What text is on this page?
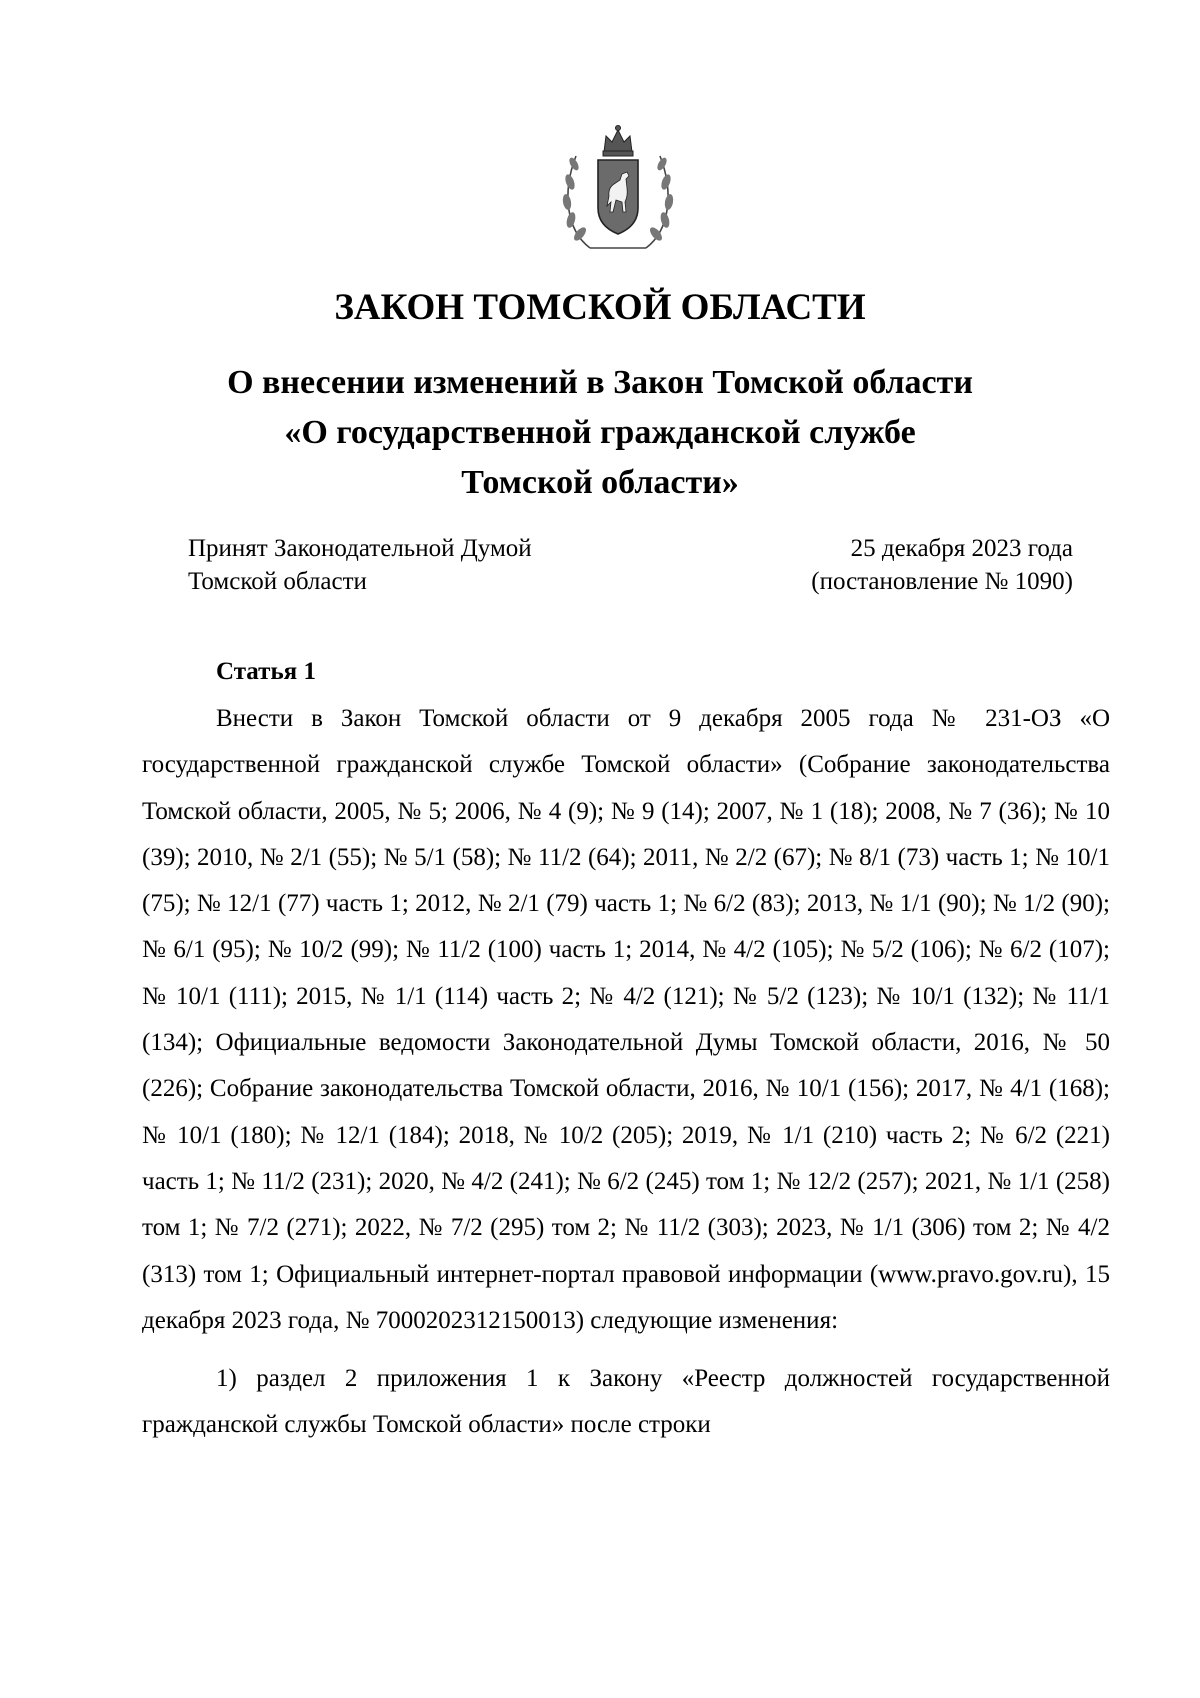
ЗАКОН ТОМСКОЙ ОБЛАСТИ
О внесении изменений в Закон Томской области
«О государственной гражданской службе
Томской области»
Принят Законодательной Думой
Томской области
25 декабря 2023 года
(постановление № 1090)
Статья 1

Внести в Закон Томской области от 9 декабря 2005 года № 231-ОЗ «О государственной гражданской службе Томской области» (Собрание законодательства Томской области, 2005, № 5; 2006, № 4 (9); № 9 (14); 2007, № 1 (18); 2008, № 7 (36); № 10 (39); 2010, № 2/1 (55); № 5/1 (58); № 11/2 (64); 2011, № 2/2 (67); № 8/1 (73) часть 1; № 10/1 (75); № 12/1 (77) часть 1; 2012, № 2/1 (79) часть 1; № 6/2 (83); 2013, № 1/1 (90); № 1/2 (90); № 6/1 (95); № 10/2 (99); № 11/2 (100) часть 1; 2014, № 4/2 (105); № 5/2 (106); № 6/2 (107); № 10/1 (111); 2015, № 1/1 (114) часть 2; № 4/2 (121); № 5/2 (123); № 10/1 (132); № 11/1 (134); Официальные ведомости Законодательной Думы Томской области, 2016, № 50 (226); Собрание законодательства Томской области, 2016, № 10/1 (156); 2017, № 4/1 (168); № 10/1 (180); № 12/1 (184); 2018, № 10/2 (205); 2019, № 1/1 (210) часть 2; № 6/2 (221) часть 1; № 11/2 (231); 2020, № 4/2 (241); № 6/2 (245) том 1; № 12/2 (257); 2021, № 1/1 (258) том 1; № 7/2 (271); 2022, № 7/2 (295) том 2; № 11/2 (303); 2023, № 1/1 (306) том 2; № 4/2 (313) том 1; Официальный интернет-портал правовой информации (www.pravo.gov.ru), 15 декабря 2023 года, № 7000202312150013) следующие изменения:

1) раздел 2 приложения 1 к Закону «Реестр должностей государственной гражданской службы Томской области» после строки
